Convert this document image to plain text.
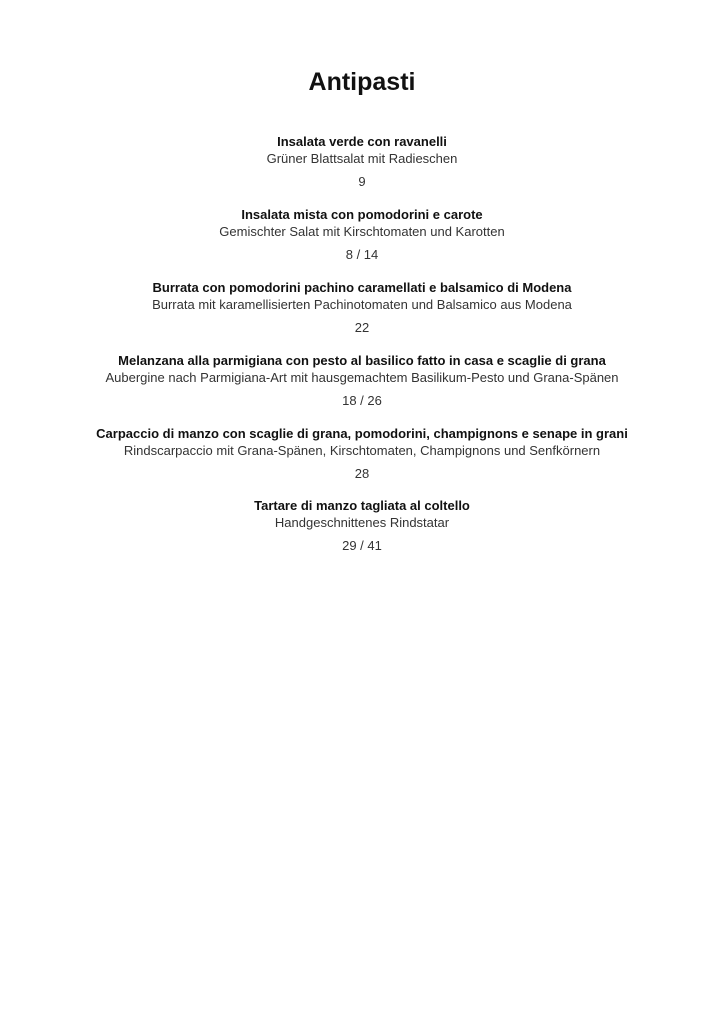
Antipasti
Insalata verde con ravanelli
Grüner Blattsalat mit Radieschen
9
Insalata mista con pomodorini e carote
Gemischter Salat mit Kirschtomaten und Karotten
8 / 14
Burrata con pomodorini pachino caramellati e balsamico di Modena
Burrata mit karamellisierten Pachinotomaten und Balsamico aus Modena
22
Melanzana alla parmigiana con pesto al basilico fatto in casa e scaglie di grana
Aubergine nach Parmigiana-Art mit hausgemachtem Basilikum-Pesto und Grana-Spänen
18 / 26
Carpaccio di manzo con scaglie di grana, pomodorini, champignons e senape in grani
Rindscarpaccio mit Grana-Spänen, Kirschtomaten, Champignons und Senfkörnern
28
Tartare di manzo tagliata al coltello
Handgeschnittenes Rindstatar
29 / 41
